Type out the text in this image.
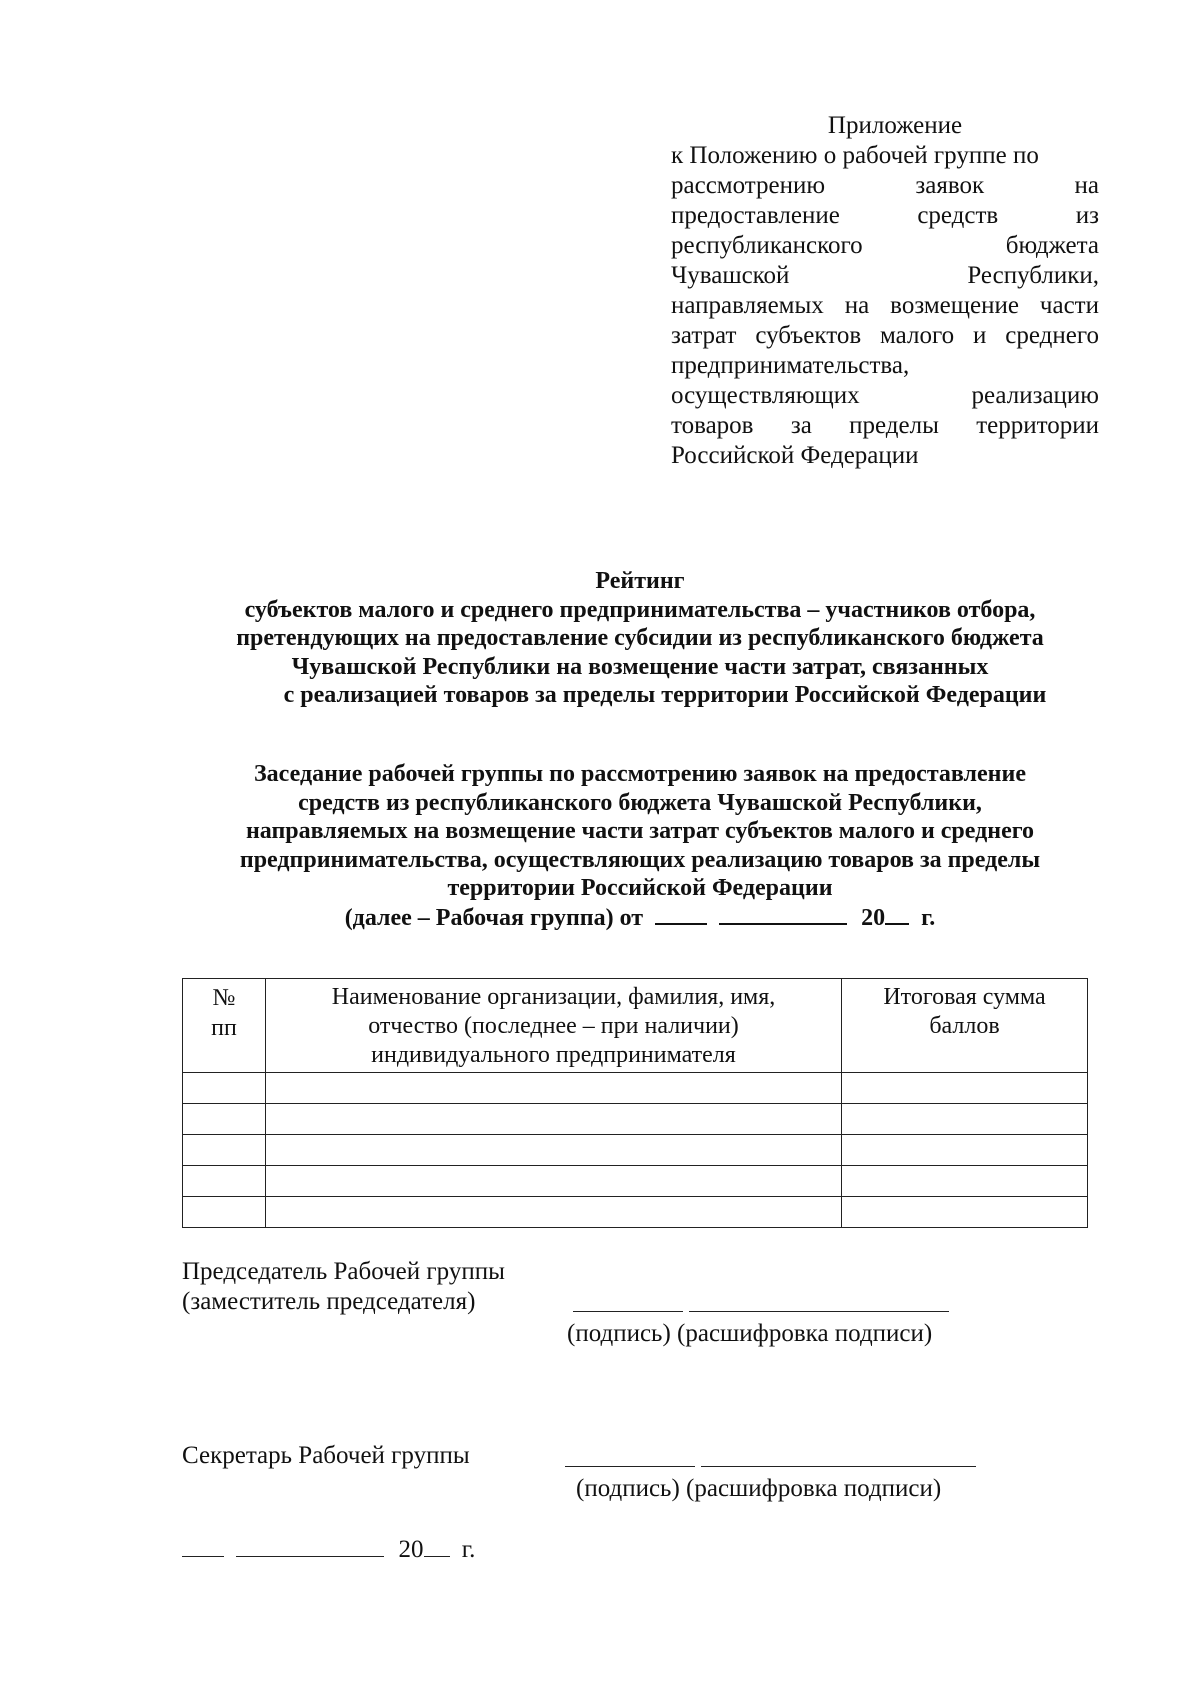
Приложение
к Положению о рабочей группе по
рассмотрению заявок на
предоставление средств из
республиканского бюджета
Чувашской Республики,
направляемых на возмещение части
затрат субъектов малого и среднего
предпринимательства,
осуществляющих реализацию
товаров за пределы территории
Российской Федерации
Рейтинг
субъектов малого и среднего предпринимательства – участников отбора,
претендующих на предоставление субсидии из республиканского бюджета
Чувашской Республики на возмещение части затрат, связанных
с реализацией товаров за пределы территории Российской Федерации
Заседание рабочей группы по рассмотрению заявок на предоставление
средств из республиканского бюджета Чувашской Республики,
направляемых на возмещение части затрат субъектов малого и среднего
предпринимательства, осуществляющих реализацию товаров за пределы
территории Российской Федерации
(далее – Рабочая группа) от	20 г.
№ пп	Наименование организации, фамилия, имя, отчество (последнее – при наличии) индивидуального предпринимателя	Итоговая сумма баллов

Председатель Рабочей группы
(заместитель председателя)
(подпись) (расшифровка подписи)
Секретарь Рабочей группы
(подпись) (расшифровка подписи)
20 г.
